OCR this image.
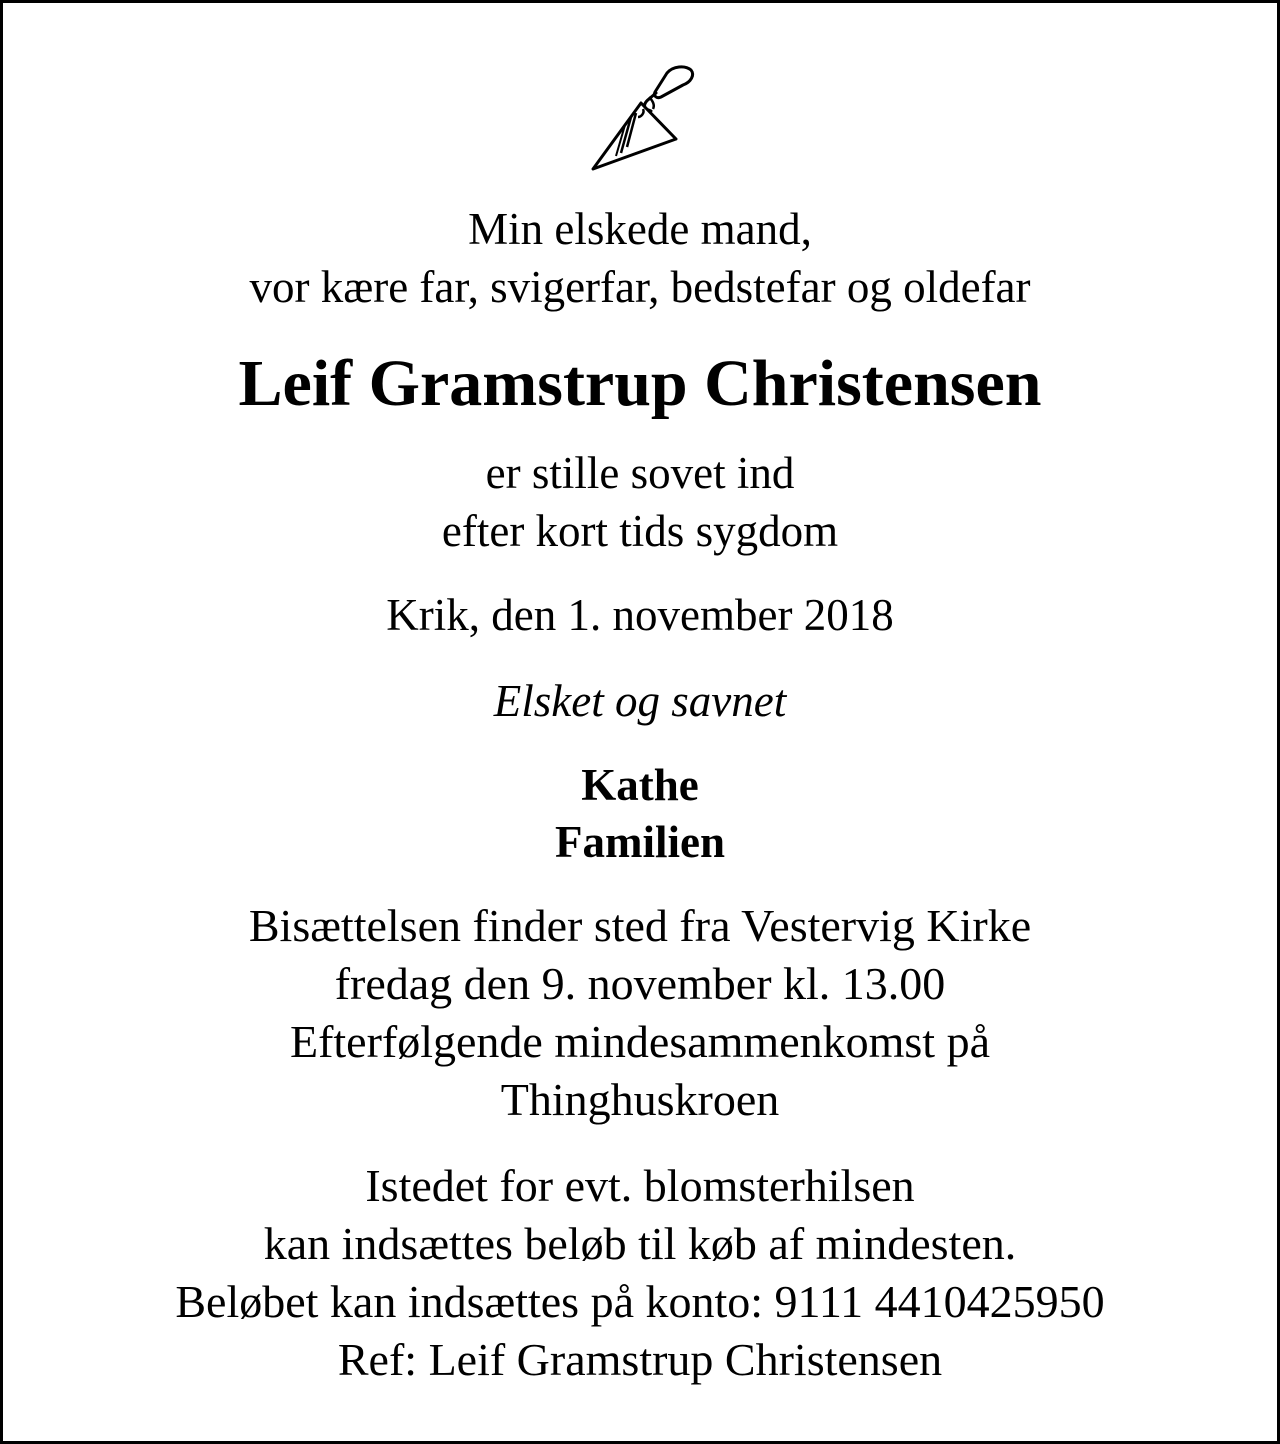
Min elskede mand,
vor kære far, svigerfar, bedstefar og oldefar
Leif Gramstrup Christensen
er stille sovet ind
efter kort tids sygdom
Krik, den 1. november 2018
Elsket og savnet
Kathe
Familien
Bisættelsen finder sted fra Vestervig Kirke
fredag den 9. november kl. 13.00
Efterfølgende mindesammenkomst på
Thinghuskroen
Istedet for evt. blomsterhilsen
kan indsættes beløb til køb af mindesten.
Beløbet kan indsættes på konto: 9111 4410425950
Ref: Leif Gramstrup Christensen
